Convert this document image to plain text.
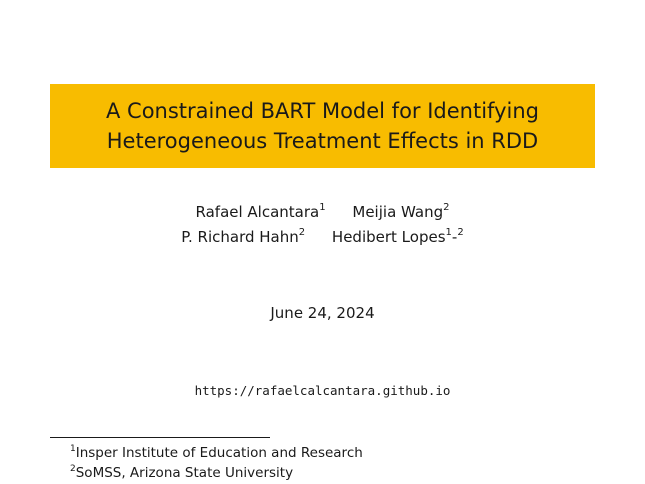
A Constrained BART Model for Identifying
Heterogeneous Treatment Effects in RDD
Rafael Alcantara$^1$ Meijia Wang$^2$
P. Richard Hahn$^2$ Hedibert Lopes$^1$-$^2$
June 24, 2024
https://rafaelcalcantara.github.io
$^1$Insper Institute of Education and Research
$^2$SoMSS, Arizona State University
